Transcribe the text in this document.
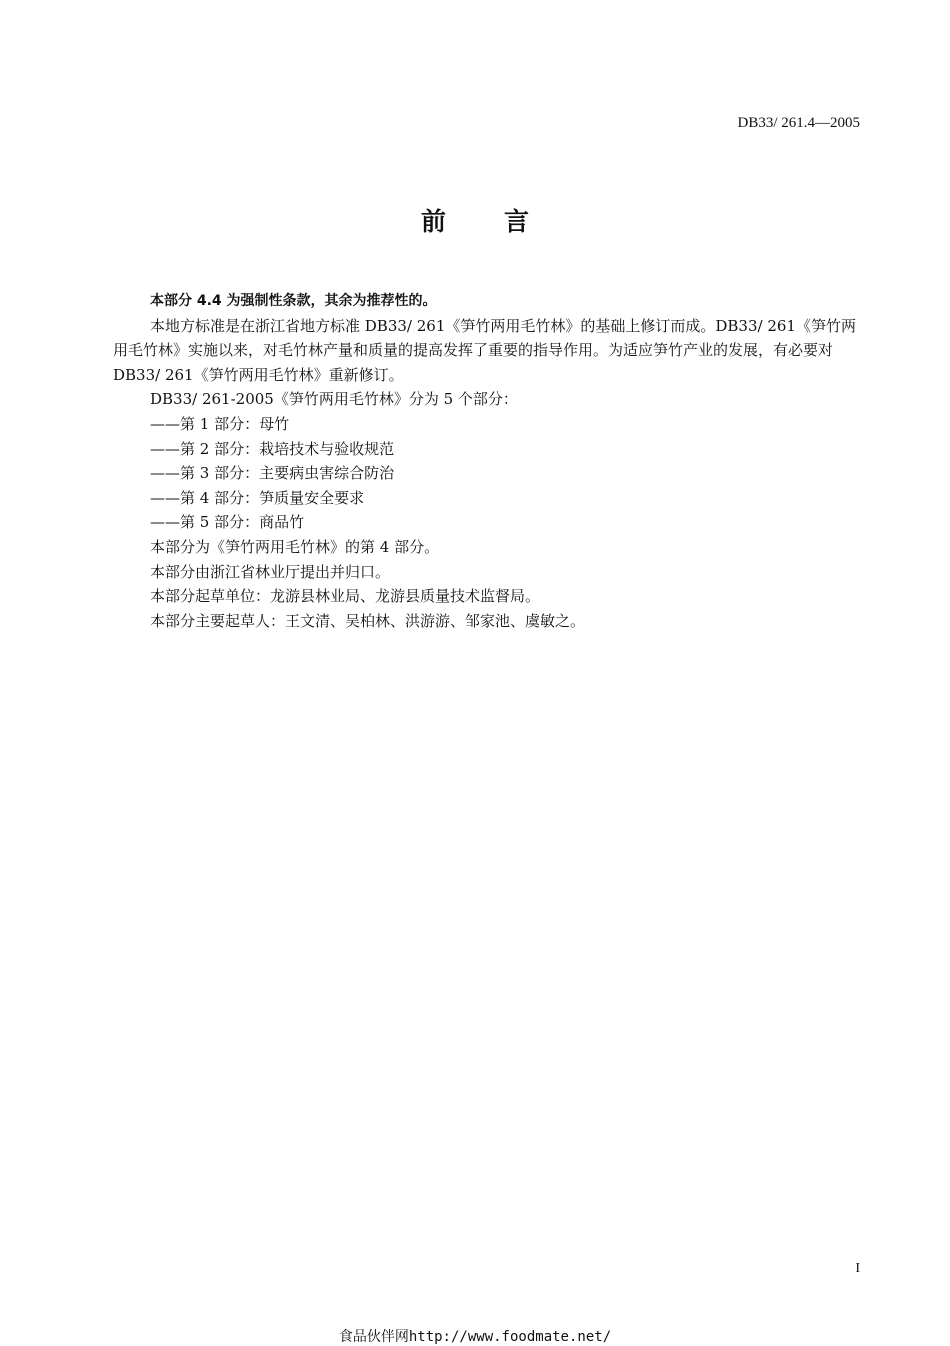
DB33/ 261.4—2005
前言

本部分 4.4 为强制性条款，其余为推荐性的。

本地方标准是在浙江省地方标准 DB33/ 261《笋竹两用毛竹林》的基础上修订而成。DB33/ 261《笋竹两用毛竹林》实施以来，对毛竹林产量和质量的提高发挥了重要的指导作用。为适应笋竹产业的发展，有必要对 DB33/ 261《笋竹两用毛竹林》重新修订。

DB33/ 261-2005《笋竹两用毛竹林》分为 5 个部分：

——第 1 部分：母竹

——第 2 部分：栽培技术与验收规范

——第 3 部分：主要病虫害综合防治

——第 4 部分：笋质量安全要求

——第 5 部分：商品竹

本部分为《笋竹两用毛竹林》的第 4 部分。

本部分由浙江省林业厅提出并归口。

本部分起草单位：龙游县林业局、龙游县质量技术监督局。

本部分主要起草人：王文清、吴柏林、洪游游、邹家池、虞敏之。

I
食品伙伴网http://www.foodmate.net/
